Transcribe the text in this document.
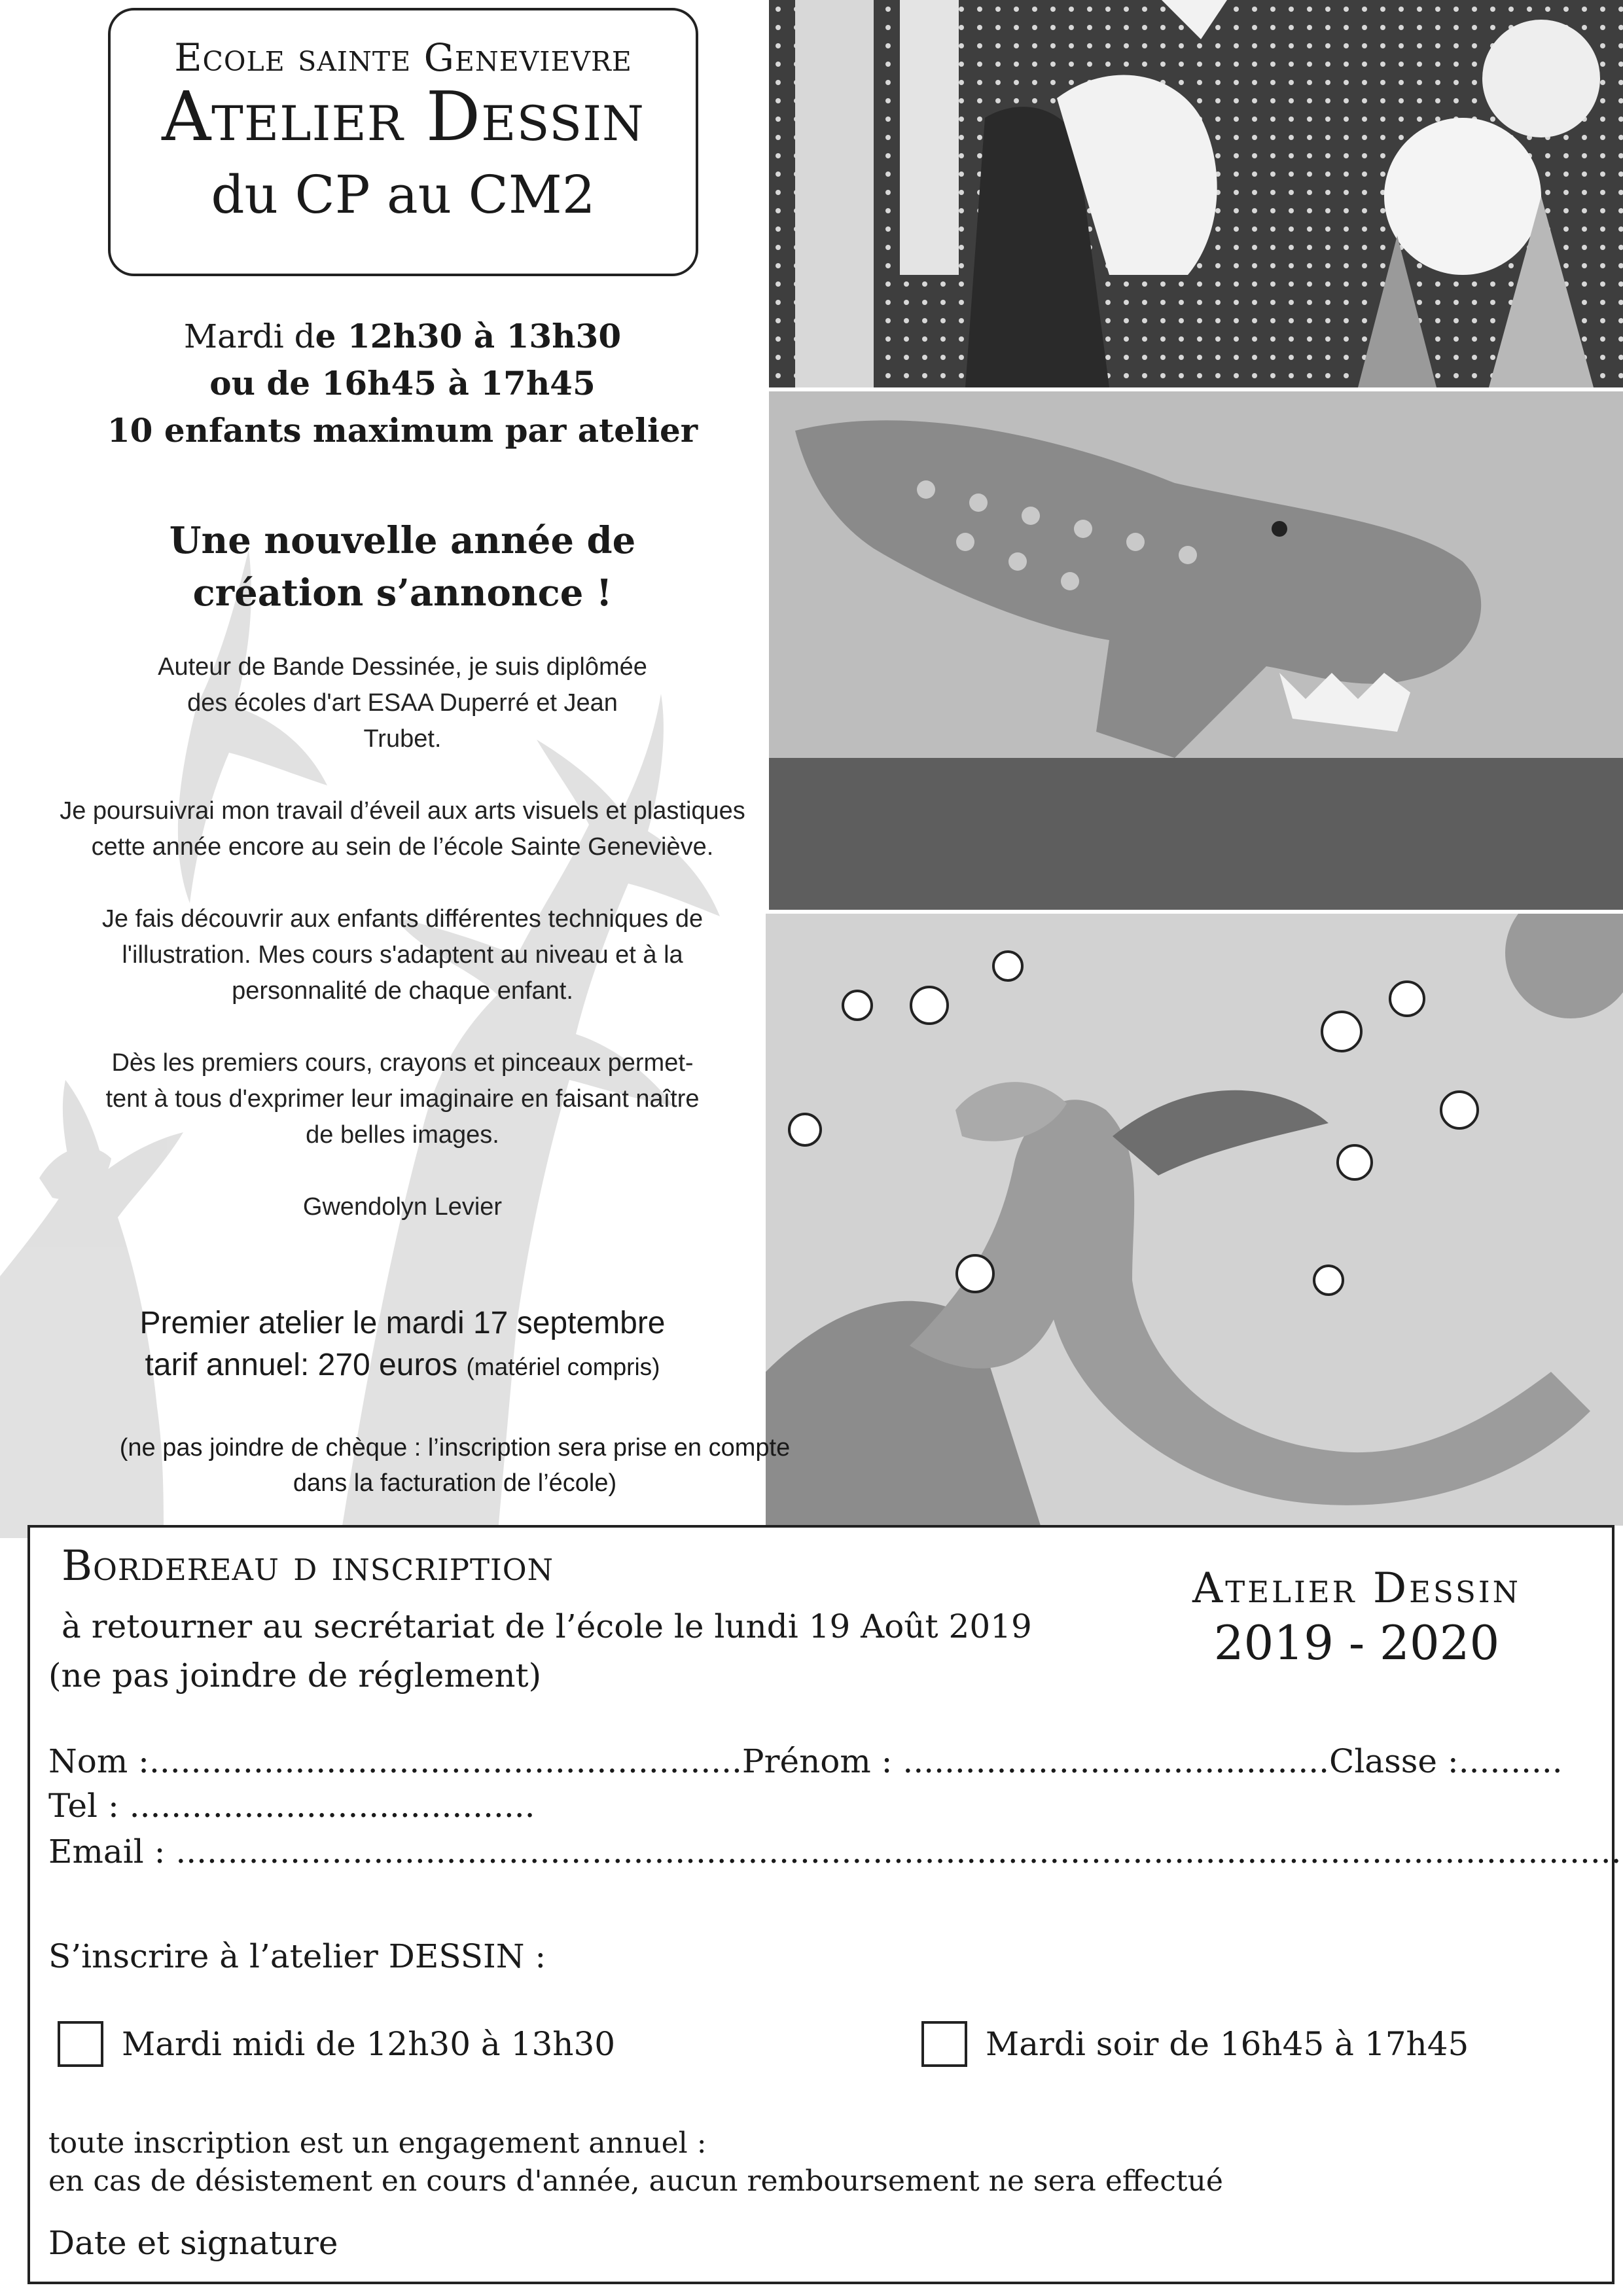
Ecole sainte Genevievre
Atelier Dessin
du CP au CM2
Mardi de 12h30 à 13h30
ou de 16h45 à 17h45
10 enfants maximum par atelier
Une nouvelle année de
création s’annonce !

Auteur de Bande Dessinée, je suis diplômée des écoles d'art ESAA Duperré et Jean Trubet.

Je poursuivrai mon travail d’éveil aux arts visuels et plastiques cette année encore au sein de l’école Sainte Geneviève.

Je fais découvrir aux enfants différentes techniques de l'illustration. Mes cours s'adaptent au niveau et à la personnalité de chaque enfant.

Dès les premiers cours, crayons et pinceaux permet-tent à tous d'exprimer leur imaginaire en faisant naître de belles images.

Gwendolyn Levier

Premier atelier le mardi 17 septembre
tarif annuel: 270 euros (matériel compris)
(ne pas joindre de chèque : l’inscription sera prise en compte dans la facturation de l’école)
Bordereau d inscription
à retourner au secrétariat de l’école le lundi 19 Août 2019
(ne pas joindre de réglement)
Atelier Dessin
2019 - 2020
Nom :.........................................................Prénom : .........................................Classe :..........
Tel : .......................................
Email : ...........................................................................................................................................
S’inscrire à l’atelier DESSIN :
Mardi midi de 12h30 à 13h30	Mardi soir de 16h45 à 17h45
toute inscription est un engagement annuel :
en cas de désistement en cours d'année, aucun remboursement ne sera effectué
Date et signature
